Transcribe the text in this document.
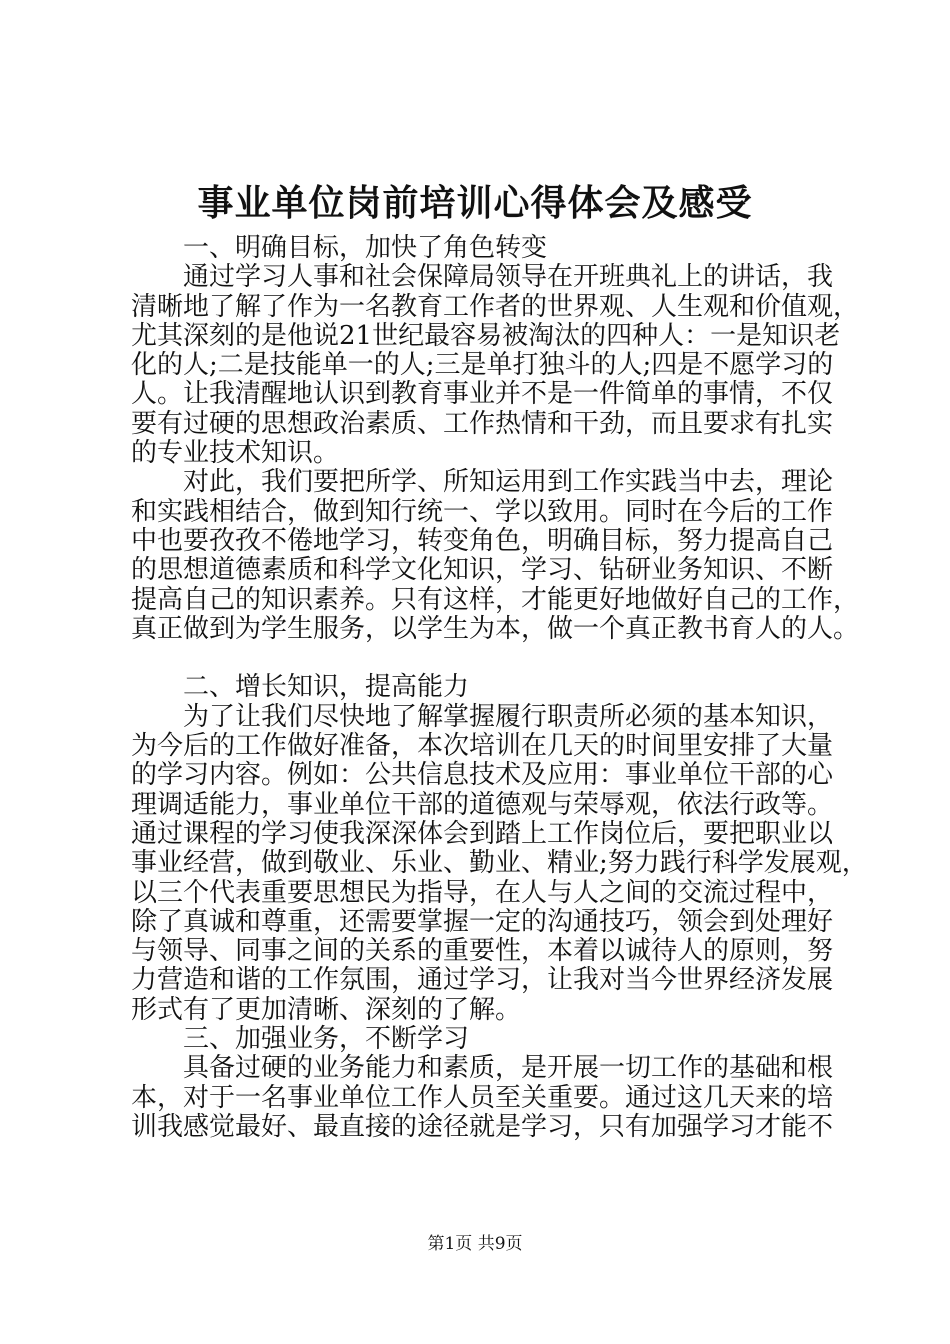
事业单位岗前培训心得体会及感受
一、明确目标，加快了角色转变
通过学习人事和社会保障局领导在开班典礼上的讲话，我
清晰地了解了作为一名教育工作者的世界观、人生观和价值观，
尤其深刻的是他说21世纪最容易被淘汰的四种人：一是知识老
化的人;二是技能单一的人;三是单打独斗的人;四是不愿学习的
人。让我清醒地认识到教育事业并不是一件简单的事情，不仅
要有过硬的思想政治素质、工作热情和干劲，而且要求有扎实
的专业技术知识。
对此，我们要把所学、所知运用到工作实践当中去，理论
和实践相结合，做到知行统一、学以致用。同时在今后的工作
中也要孜孜不倦地学习，转变角色，明确目标，努力提高自己
的思想道德素质和科学文化知识，学习、钻研业务知识、不断
提高自己的知识素养。只有这样，才能更好地做好自己的工作，
真正做到为学生服务，以学生为本，做一个真正教书育人的人。
二、增长知识，提高能力
为了让我们尽快地了解掌握履行职责所必须的基本知识，
为今后的工作做好准备，本次培训在几天的时间里安排了大量
的学习内容。例如：公共信息技术及应用：事业单位干部的心
理调适能力，事业单位干部的道德观与荣辱观，依法行政等。
通过课程的学习使我深深体会到踏上工作岗位后，要把职业以
事业经营，做到敬业、乐业、勤业、精业;努力践行科学发展观，
以三个代表重要思想民为指导，在人与人之间的交流过程中，
除了真诚和尊重，还需要掌握一定的沟通技巧，领会到处理好
与领导、同事之间的关系的重要性，本着以诚待人的原则，努
力营造和谐的工作氛围，通过学习，让我对当今世界经济发展
形式有了更加清晰、深刻的了解。
三、加强业务，不断学习
具备过硬的业务能力和素质，是开展一切工作的基础和根
本，对于一名事业单位工作人员至关重要。通过这几天来的培
训我感觉最好、最直接的途径就是学习，只有加强学习才能不
第1页 共9页
